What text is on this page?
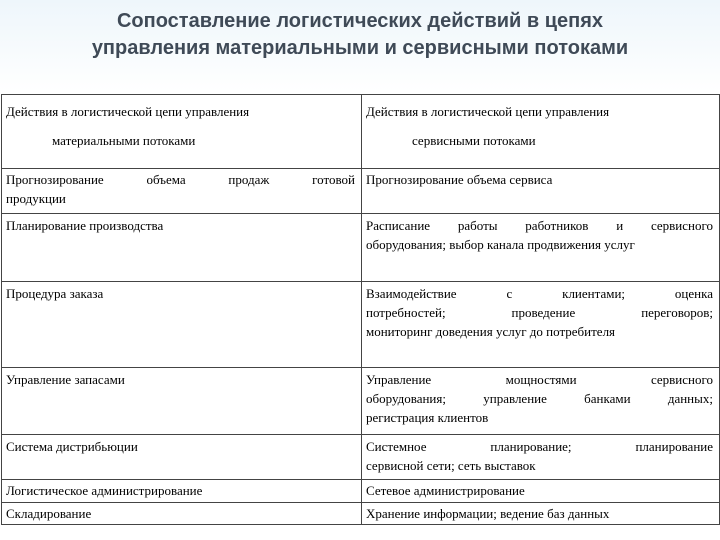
Сопоставление логистических действий в цепях
управления материальными и сервисными потоками
Действия в логистической цепи управления
материальными потоками	Действия в логистической цепи управления
сервисными потоками

Прогнозирование объема продаж готовой
продукции	Прогнозирование объема сервиса

Планирование производства	Расписание работы работников и сервисного
оборудования; выбор канала продвижения услуг

Процедура заказа	Взаимодействие с клиентами; оценка
потребностей; проведение переговоров;
мониторинг доведения услуг до потребителя

Управление запасами	Управление мощностями сервисного
оборудования; управление банками данных;
регистрация клиентов

Система дистрибьюции	Системное планирование; планирование
сервисной сети; сеть выставок

Логистическое администрирование	Сетевое администрирование

Складирование	Хранение информации; ведение баз данных
